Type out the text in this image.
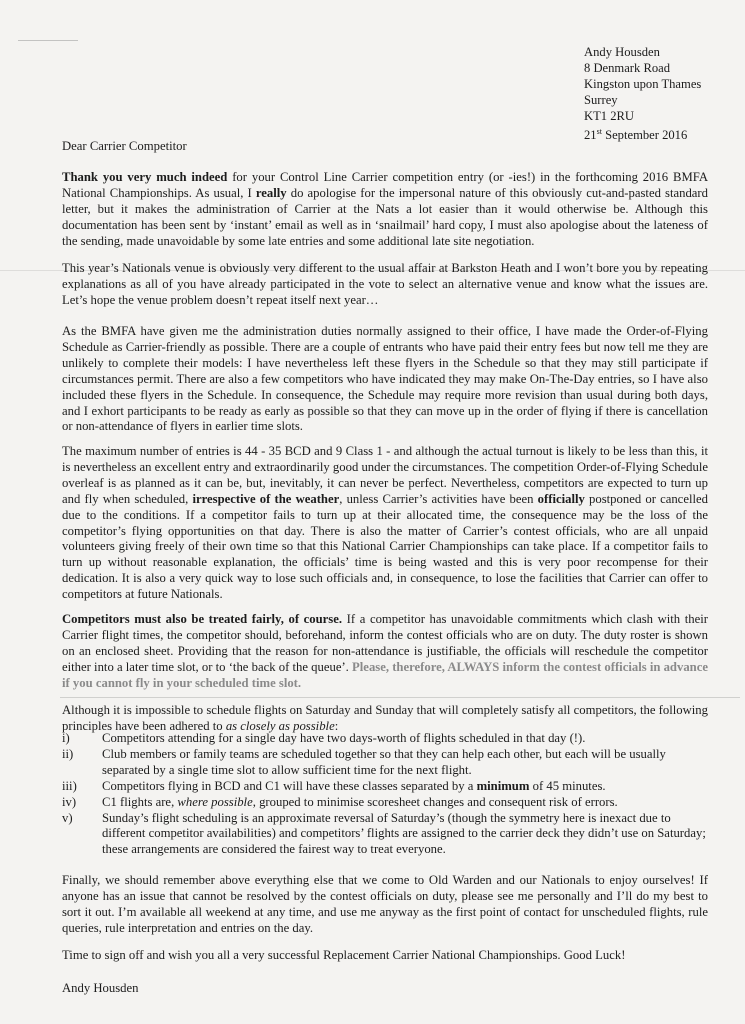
Andy Housden
8 Denmark Road
Kingston upon Thames
Surrey
KT1 2RU
21st September 2016
Dear Carrier Competitor
Thank you very much indeed for your Control Line Carrier competition entry (or -ies!) in the forthcoming 2016 BMFA National Championships. As usual, I really do apologise for the impersonal nature of this obviously cut-and-pasted standard letter, but it makes the administration of Carrier at the Nats a lot easier than it would otherwise be. Although this documentation has been sent by ‘instant’ email as well as in ‘snailmail’ hard copy, I must also apologise about the lateness of the sending, made unavoidable by some late entries and some additional late site negotiation.
This year’s Nationals venue is obviously very different to the usual affair at Barkston Heath and I won’t bore you by repeating explanations as all of you have already participated in the vote to select an alternative venue and know what the issues are. Let’s hope the venue problem doesn’t repeat itself next year…
As the BMFA have given me the administration duties normally assigned to their office, I have made the Order-of-Flying Schedule as Carrier-friendly as possible. There are a couple of entrants who have paid their entry fees but now tell me they are unlikely to complete their models: I have nevertheless left these flyers in the Schedule so that they may still participate if circumstances permit. There are also a few competitors who have indicated they may make On-The-Day entries, so I have also included these flyers in the Schedule. In consequence, the Schedule may require more revision than usual during both days, and I exhort participants to be ready as early as possible so that they can move up in the order of flying if there is cancellation or non-attendance of flyers in earlier time slots.
The maximum number of entries is 44 - 35 BCD and 9 Class 1 - and although the actual turnout is likely to be less than this, it is nevertheless an excellent entry and extraordinarily good under the circumstances. The competition Order-of-Flying Schedule overleaf is as planned as it can be, but, inevitably, it can never be perfect. Nevertheless, competitors are expected to turn up and fly when scheduled, irrespective of the weather, unless Carrier’s activities have been officially postponed or cancelled due to the conditions. If a competitor fails to turn up at their allocated time, the consequence may be the loss of the competitor’s flying opportunities on that day. There is also the matter of Carrier’s contest officials, who are all unpaid volunteers giving freely of their own time so that this National Carrier Championships can take place. If a competitor fails to turn up without reasonable explanation, the officials’ time is being wasted and this is very poor recompense for their dedication. It is also a very quick way to lose such officials and, in consequence, to lose the facilities that Carrier can offer to competitors at future Nationals.
Competitors must also be treated fairly, of course. If a competitor has unavoidable commitments which clash with their Carrier flight times, the competitor should, beforehand, inform the contest officials who are on duty. The duty roster is shown on an enclosed sheet. Providing that the reason for non-attendance is justifiable, the officials will reschedule the competitor either into a later time slot, or to ‘the back of the queue’. Please, therefore, ALWAYS inform the contest officials in advance if you cannot fly in your scheduled time slot.
Although it is impossible to schedule flights on Saturday and Sunday that will completely satisfy all competitors, the following principles have been adhered to as closely as possible:
i)	Competitors attending for a single day have two days-worth of flights scheduled in that day (!).
ii)	Club members or family teams are scheduled together so that they can help each other, but each will be usually separated by a single time slot to allow sufficient time for the next flight.
iii)	Competitors flying in BCD and C1 will have these classes separated by a minimum of 45 minutes.
iv)	C1 flights are, where possible, grouped to minimise scoresheet changes and consequent risk of errors.
v)	Sunday’s flight scheduling is an approximate reversal of Saturday’s (though the symmetry here is inexact due to different competitor availabilities) and competitors’ flights are assigned to the carrier deck they didn’t use on Saturday; these arrangements are considered the fairest way to treat everyone.
Finally, we should remember above everything else that we come to Old Warden and our Nationals to enjoy ourselves! If anyone has an issue that cannot be resolved by the contest officials on duty, please see me personally and I’ll do my best to sort it out. I’m available all weekend at any time, and use me anyway as the first point of contact for unscheduled flights, rule queries, rule interpretation and entries on the day.
Time to sign off and wish you all a very successful Replacement Carrier National Championships. Good Luck!
Andy Housden
